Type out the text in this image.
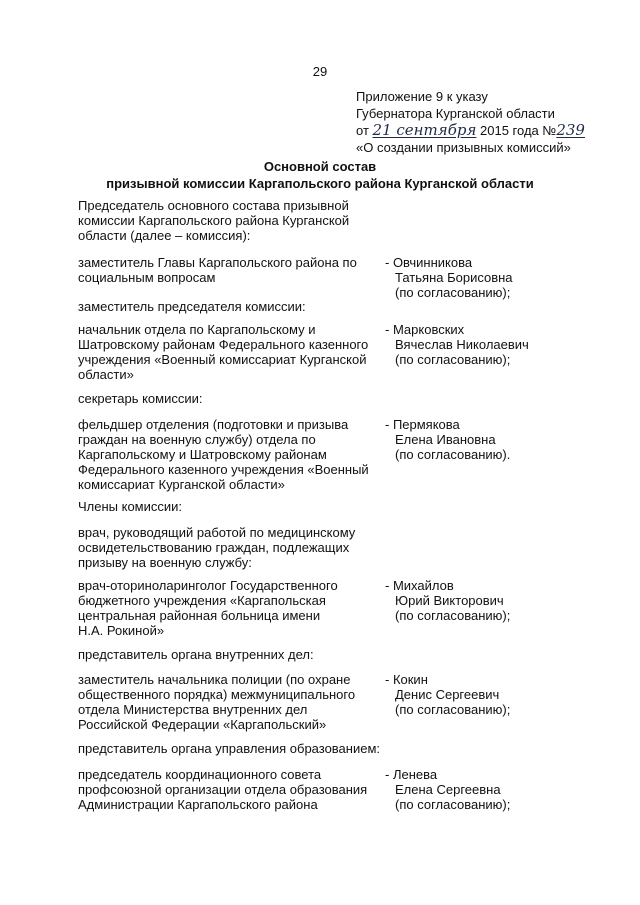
29
Приложение 9 к указу
Губернатора Курганской области
от 21 сентября 2015 года №239
«О создании призывных комиссий»
Основной состав
призывной комиссии Каргапольского района Курганской области
Председатель основного состава призывной
комиссии Каргапольского района Курганской
области (далее – комиссия):
заместитель Главы Каргапольского района по
социальным вопросам
- Овчинникова
Татьяна Борисовна
(по согласованию);
заместитель председателя комиссии:
начальник отдела по Каргапольскому и
Шатровскому районам Федерального казенного
учреждения «Военный комиссариат Курганской
области»
- Марковских
Вячеслав Николаевич
(по согласованию);
секретарь комиссии:
фельдшер отделения (подготовки и призыва
граждан на военную службу) отдела по
Каргапольскому и Шатровскому районам
Федерального казенного учреждения «Военный
комиссариат Курганской области»
- Пермякова
Елена Ивановна
(по согласованию).
Члены комиссии:
врач, руководящий работой по медицинскому
освидетельствованию граждан, подлежащих
призыву на военную службу:
врач-оториноларинголог Государственного
бюджетного учреждения «Каргапольская
центральная районная больница имени
Н.А. Рокиной»
- Михайлов
Юрий Викторович
(по согласованию);
представитель органа внутренних дел:
заместитель начальника полиции (по охране
общественного порядка) межмуниципального
отдела Министерства внутренних дел
Российской Федерации «Каргапольский»
- Кокин
Денис Сергеевич
(по согласованию);
представитель органа управления образованием:
председатель координационного совета
профсоюзной организации отдела образования
Администрации Каргапольского района
- Ленева
Елена Сергеевна
(по согласованию);
